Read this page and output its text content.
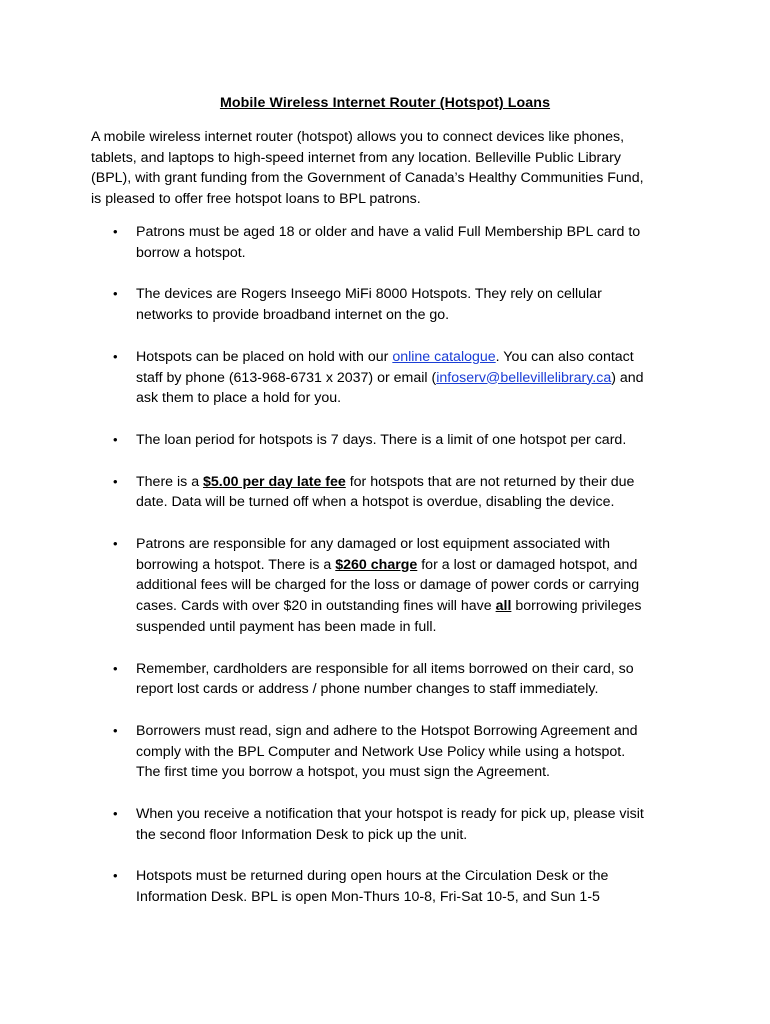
Mobile Wireless Internet Router (Hotspot) Loans

A mobile wireless internet router (hotspot) allows you to connect devices like phones,
tablets, and laptops to high-speed internet from any location. Belleville Public Library
(BPL), with grant funding from the Government of Canada’s Healthy Communities Fund,
is pleased to offer free hotspot loans to BPL patrons.

• Patrons must be aged 18 or older and have a valid Full Membership BPL card to
borrow a hotspot.
• The devices are Rogers Inseego MiFi 8000 Hotspots. They rely on cellular
networks to provide broadband internet on the go.
• Hotspots can be placed on hold with our online catalogue. You can also contact
staff by phone (613-968-6731 x 2037) or email (infoserv@bellevillelibrary.ca) and
ask them to place a hold for you.
• The loan period for hotspots is 7 days. There is a limit of one hotspot per card.
• There is a $5.00 per day late fee for hotspots that are not returned by their due
date. Data will be turned off when a hotspot is overdue, disabling the device.
• Patrons are responsible for any damaged or lost equipment associated with
borrowing a hotspot. There is a $260 charge for a lost or damaged hotspot, and
additional fees will be charged for the loss or damage of power cords or carrying
cases. Cards with over $20 in outstanding fines will have all borrowing privileges
suspended until payment has been made in full.
• Remember, cardholders are responsible for all items borrowed on their card, so
report lost cards or address / phone number changes to staff immediately.
• Borrowers must read, sign and adhere to the Hotspot Borrowing Agreement and
comply with the BPL Computer and Network Use Policy while using a hotspot.
The first time you borrow a hotspot, you must sign the Agreement.
• When you receive a notification that your hotspot is ready for pick up, please visit
the second floor Information Desk to pick up the unit.
• Hotspots must be returned during open hours at the Circulation Desk or the
Information Desk. BPL is open Mon-Thurs 10-8, Fri-Sat 10-5, and Sun 1-5
